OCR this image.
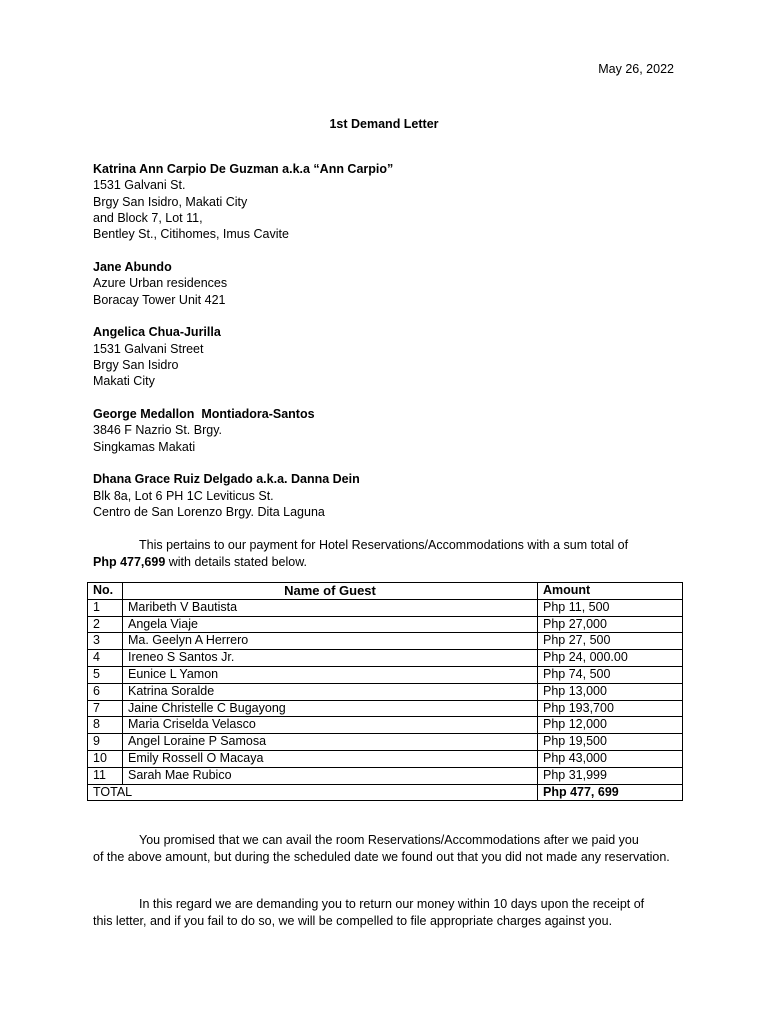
May 26, 2022
1st Demand Letter
Katrina Ann Carpio De Guzman a.k.a “Ann Carpio”
1531 Galvani St.
Brgy San Isidro, Makati City
and Block 7, Lot 11,
Bentley St., Citihomes, Imus Cavite
Jane Abundo
Azure Urban residences
Boracay Tower Unit 421
Angelica Chua-Jurilla
1531 Galvani Street
Brgy San Isidro
Makati City
George Medallon  Montiadora-Santos
3846 F Nazrio St. Brgy.
Singkamas Makati
Dhana Grace Ruiz Delgado a.k.a. Danna Dein
Blk 8a, Lot 6 PH 1C Leviticus St.
Centro de San Lorenzo Brgy. Dita Laguna
This pertains to our payment for Hotel Reservations/Accommodations with a sum total of
Php 477,699 with details stated below.
No.	Name of Guest	Amount
1	Maribeth V Bautista	Php 11, 500
2	Angela Viaje	Php 27,000
3	Ma. Geelyn A Herrero	Php 27, 500
4	Ireneo S Santos Jr.	Php 24, 000.00
5	Eunice L Yamon	Php 74, 500
6	Katrina Soralde	Php 13,000
7	Jaine Christelle C Bugayong	Php 193,700
8	Maria Criselda Velasco	Php 12,000
9	Angel Loraine P Samosa	Php 19,500
10	Emily Rossell O Macaya	Php 43,000
11	Sarah Mae Rubico	Php 31,999
TOTAL		Php 477, 699
You promised that we can avail the room Reservations/Accommodations after we paid you
of the above amount, but during the scheduled date we found out that you did not made any reservation.
In this regard we are demanding you to return our money within 10 days upon the receipt of
this letter, and if you fail to do so, we will be compelled to file appropriate charges against you.
